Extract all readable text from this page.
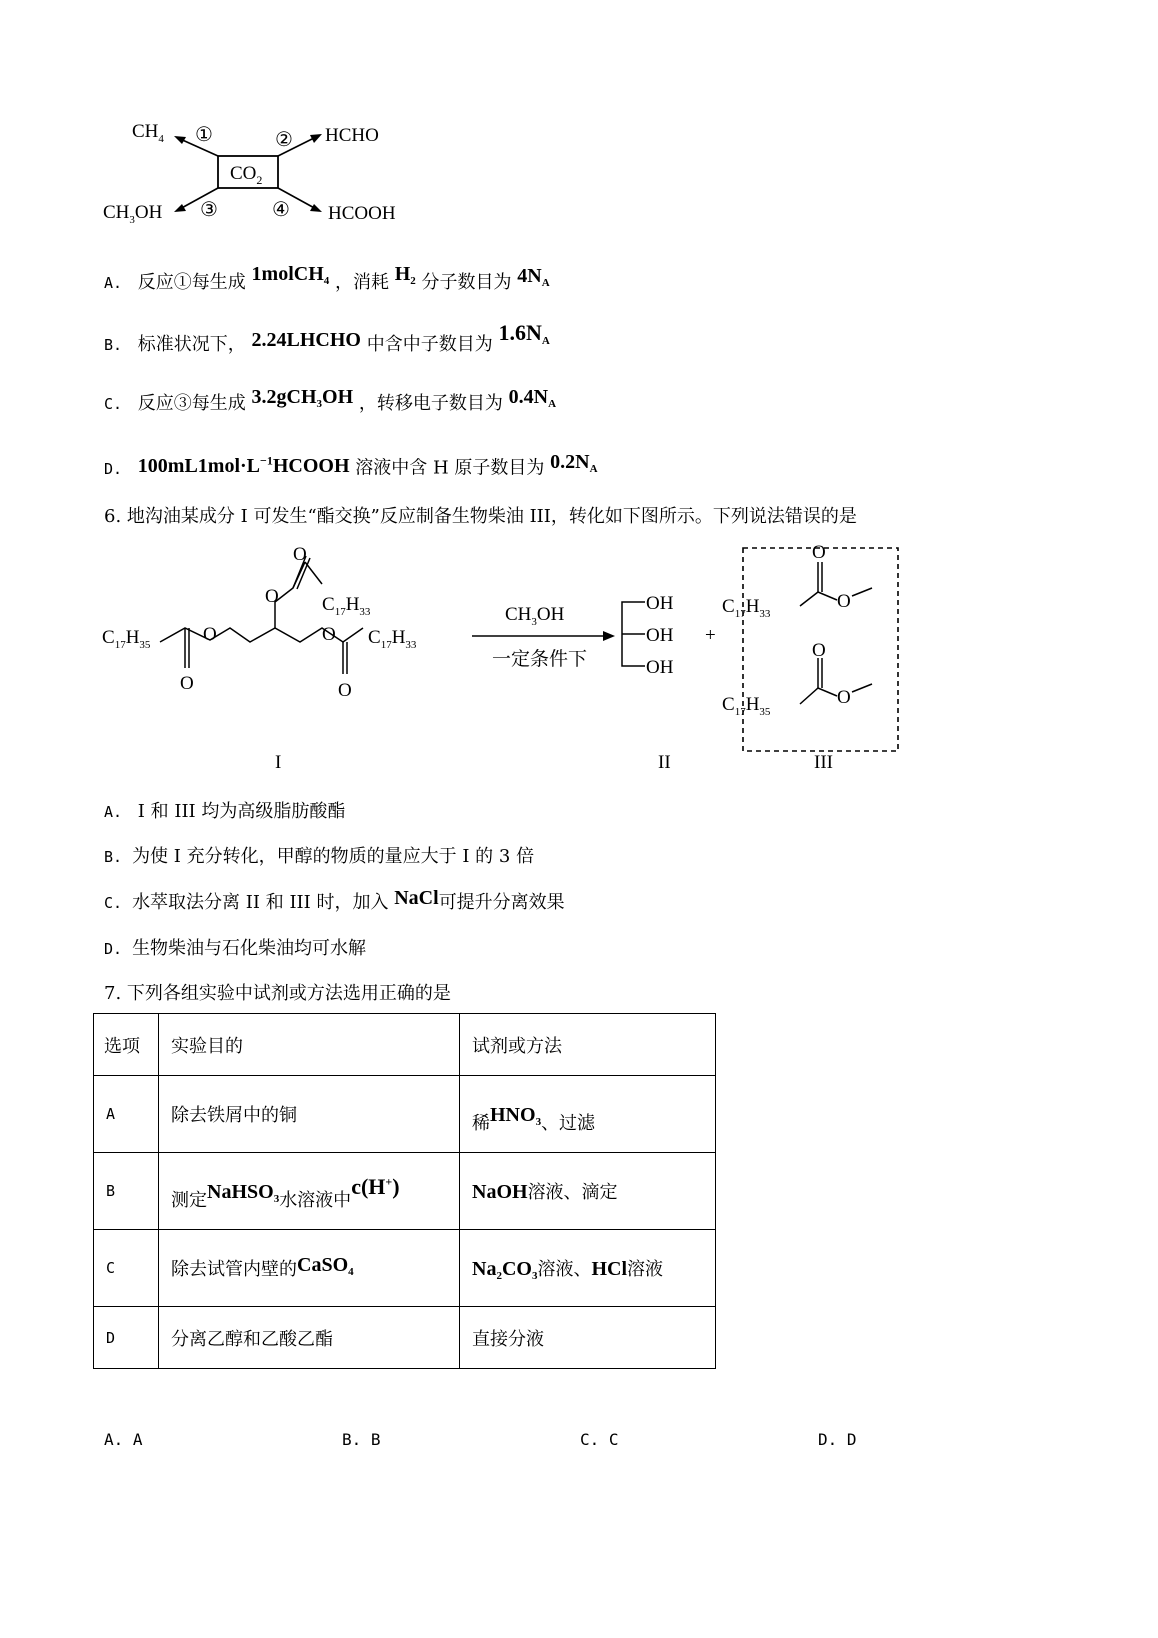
$CO_2$
$CH_4$ ①	② HCHO
$CH_3OH$ ③	④ HCOOH
A. 反应①每生成 1molCH$_4$ ，消耗 $H_2$ 分子数目为 $4N_A$
B. 标准状况下， 2.24LHCHO 中含中子数目为 $1.6N_A$
C. 反应③每生成 3.2gCH$_3$OH ，转移电子数目为 $0.4N_A$
D. $100mL1mol\cdot L^{-1}HCOOH$ 溶液中含 H 原子数目为 $0.2N_A$
6. 地沟油某成分 I 可发生“酯交换”反应制备生物柴油 III，转化如下图所示。下列说法错误的是
$C_{17}H_{35}$	O
O
O
O
$C_{17}H_{33}$
O
O
$C_{17}H_{33}$	$CH_3OH$
一定条件下
OH
OH
OH
+
O
O
$C_{17}H_{33}$
O
O
$C_{17}H_{35}$
I	II	III
A. I 和 III 均为高级脂肪酸酯
B. 为使 I 充分转化，甲醇的物质的量应大于 I 的 3 倍
C. 水萃取法分离 II 和 III 时，加入 NaCl可提升分离效果
D. 生物柴油与石化柴油均可水解
7. 下列各组实验中试剂或方法选用正确的是
选项	实验目的	试剂或方法
A	除去铁屑中的铜	稀$HNO_3$、过滤
B	测定NaHSO$_3$水溶液中c(H+)	NaOH溶液、滴定
C	除去试管内壁的CaSO$_4$	$Na_2CO_3$溶液、HCl溶液
D	分离乙醇和乙酸乙酯	直接分液
A. A	B. B	C. C	D. D
